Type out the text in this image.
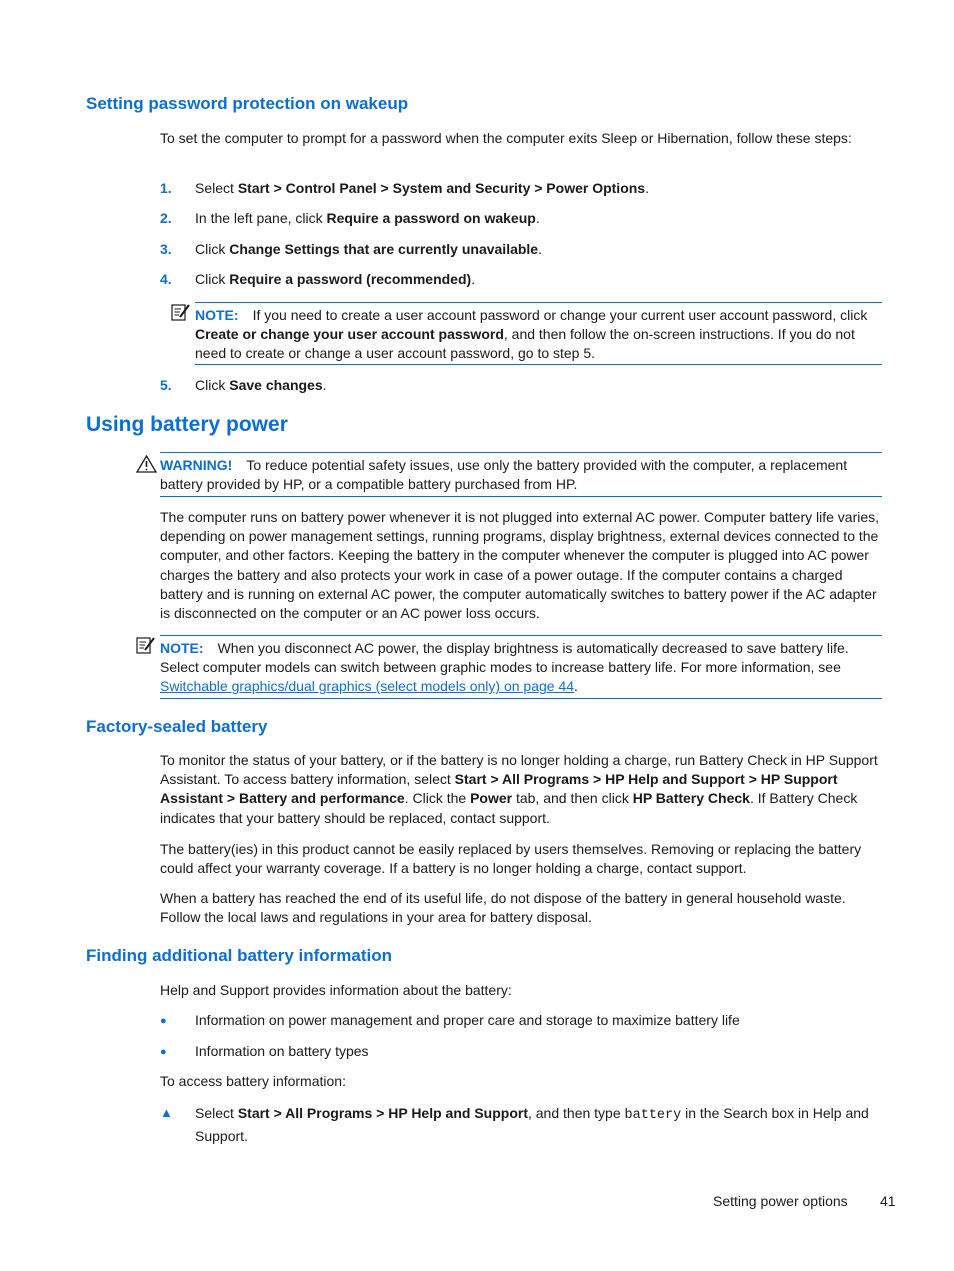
Setting password protection on wakeup
To set the computer to prompt for a password when the computer exits Sleep or Hibernation, follow these steps:
1. Select Start > Control Panel > System and Security > Power Options.
2. In the left pane, click Require a password on wakeup.
3. Click Change Settings that are currently unavailable.
4. Click Require a password (recommended).
NOTE: If you need to create a user account password or change your current user account password, click Create or change your user account password, and then follow the on-screen instructions. If you do not need to create or change a user account password, go to step 5.
5. Click Save changes.
Using battery power
WARNING! To reduce potential safety issues, use only the battery provided with the computer, a replacement battery provided by HP, or a compatible battery purchased from HP.
The computer runs on battery power whenever it is not plugged into external AC power. Computer battery life varies, depending on power management settings, running programs, display brightness, external devices connected to the computer, and other factors. Keeping the battery in the computer whenever the computer is plugged into AC power charges the battery and also protects your work in case of a power outage. If the computer contains a charged battery and is running on external AC power, the computer automatically switches to battery power if the AC adapter is disconnected on the computer or an AC power loss occurs.
NOTE: When you disconnect AC power, the display brightness is automatically decreased to save battery life. Select computer models can switch between graphic modes to increase battery life. For more information, see Switchable graphics/dual graphics (select models only) on page 44.
Factory-sealed battery
To monitor the status of your battery, or if the battery is no longer holding a charge, run Battery Check in HP Support Assistant. To access battery information, select Start > All Programs > HP Help and Support > HP Support Assistant > Battery and performance. Click the Power tab, and then click HP Battery Check. If Battery Check indicates that your battery should be replaced, contact support.
The battery(ies) in this product cannot be easily replaced by users themselves. Removing or replacing the battery could affect your warranty coverage. If a battery is no longer holding a charge, contact support.
When a battery has reached the end of its useful life, do not dispose of the battery in general household waste. Follow the local laws and regulations in your area for battery disposal.
Finding additional battery information
Help and Support provides information about the battery:
● Information on power management and proper care and storage to maximize battery life
● Information on battery types
To access battery information:
▲ Select Start > All Programs > HP Help and Support, and then type battery in the Search box in Help and Support.
Setting power options 41
